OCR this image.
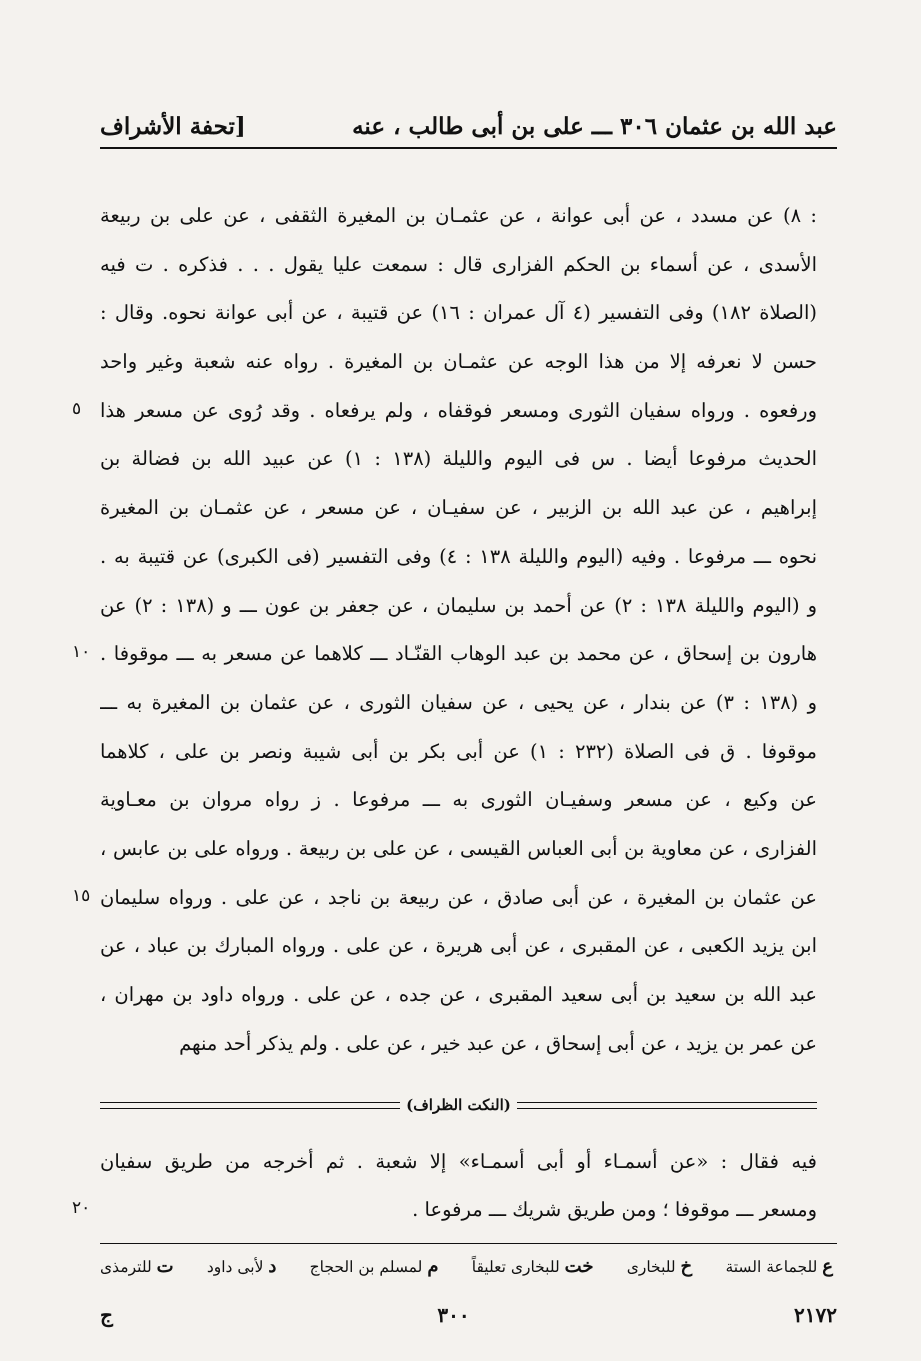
عبد الله بن عثمان ٣٠٦ ـــ على بن أبى طالب ، عنه
[تحفة الأشراف
: ٨) عن مسدد ، عن أبى عوانة ، عن عثمـان بن المغيرة الثقفى ، عن على بن ربيعة
الأسدى ، عن أسماء بن الحكم الفزارى قال : سمعت عليا يقول . . . فذكره . ت فيه
(الصلاة ١٨٢) وفى التفسير (٤ آل عمران : ١٦) عن قتيبة ، عن أبى عوانة نحوه. وقال :
حسن لا نعرفه إلا من هذا الوجه عن عثمـان بن المغيرة . رواه عنه شعبة وغير واحد
ورفعوه . ورواه سفيان الثورى ومسعر فوقفاه ، ولم يرفعاه . وقد رُوى عن مسعر هذا
الحديث مرفوعا أيضا . س فى اليوم والليلة (١٣٨ : ١) عن عبيد الله بن فضالة بن
إبراهيم ، عن عبد الله بن الزبير ، عن سفيـان ، عن مسعر ، عن عثمـان بن المغيرة
نحوه ـــ مرفوعا . وفيه (اليوم والليلة ١٣٨ : ٤) وفى التفسير (فى الكبرى) عن قتيبة به .
و (اليوم والليلة ١٣٨ : ٢) عن أحمد بن سليمان ، عن جعفر بن عون ـــ و (١٣٨ : ٢) عن
هارون بن إسحاق ، عن محمد بن عبد الوهاب القنّـاد ـــ كلاهما عن مسعر به ـــ موقوفا .
و (١٣٨ : ٣) عن بندار ، عن يحيى ، عن سفيان الثورى ، عن عثمان بن المغيرة به ـــ
موقوفا . ق فى الصلاة (٢٣٢ : ١) عن أبى بكر بن أبى شيبة ونصر بن على ، كلاهما
عن وكيع ، عن مسعر وسفيـان الثورى به ـــ مرفوعا . ز رواه مروان بن معـاوية
الفزارى ، عن معاوية بن أبى العباس القيسى ، عن على بن ربيعة . ورواه على بن عابس ،
عن عثمان بن المغيرة ، عن أبى صادق ، عن ربيعة بن ناجد ، عن على . ورواه سليمان
ابن يزيد الكعبى ، عن المقبرى ، عن أبى هريرة ، عن على . ورواه المبارك بن عباد ، عن
عبد الله بن سعيد بن أبى سعيد المقبرى ، عن جده ، عن على . ورواه داود بن مهران ،
عن عمر بن يزيد ، عن أبى إسحاق ، عن عبد خير ، عن على . ولم يذكر أحد منهم
٥
١٠
١٥
٢٠
(النكت الظراف)
فيه فقال : «عن أسمـاء أو أبى أسمـاء» إلا شعبة . ثم أخرجه من طريق سفيان
ومسعر ـــ موقوفا ؛ ومن طريق شريك ـــ مرفوعا .
ع للجماعة الستة
خ للبخارى
خت للبخارى تعليقاً
م لمسلم بن الحجاج
د لأبى داود
ت للترمذى
٢١٧٢
٣٠٠
ج
